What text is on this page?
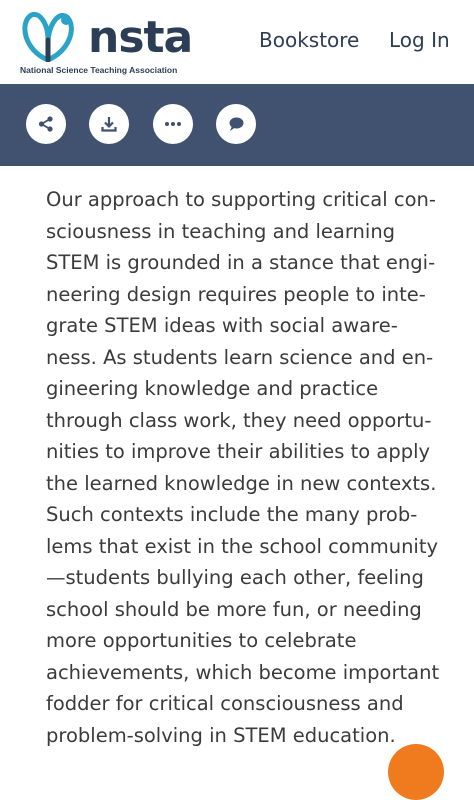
nsta
National Science Teaching Association
Bookstore Log In
Our approach to supporting critical con-
sciousness in teaching and learning
STEM is grounded in a stance that engi-
neering design requires people to inte-
grate STEM ideas with social aware-
ness. As students learn science and en-
gineering knowledge and practice
through class work, they need opportu-
nities to improve their abilities to apply
the learned knowledge in new contexts.
Such contexts include the many prob-
lems that exist in the school community
—students bullying each other, feeling
school should be more fun, or needing
more opportunities to celebrate
achievements, which become important
fodder for critical consciousness and
problem-solving in STEM education.
